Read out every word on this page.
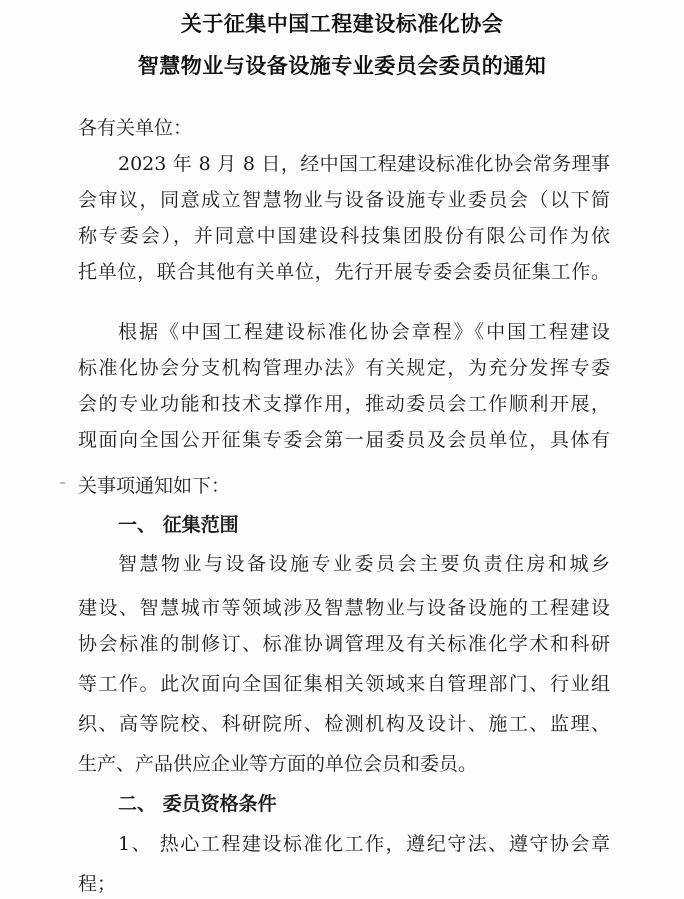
关于征集中国工程建设标准化协会
智慧物业与设备设施专业委员会委员的通知
各有关单位：
2023 年 8 月 8 日，经中国工程建设标准化协会常务理事
会审议，同意成立智慧物业与设备设施专业委员会（以下简
称专委会），并同意中国建设科技集团股份有限公司作为依
托单位，联合其他有关单位，先行开展专委会委员征集工作。
根据《中国工程建设标准化协会章程》《中国工程建设
标准化协会分支机构管理办法》有关规定，为充分发挥专委
会的专业功能和技术支撑作用，推动委员会工作顺利开展，
现面向全国公开征集专委会第一届委员及会员单位，具体有
关事项通知如下：
一、 征集范围
智慧物业与设备设施专业委员会主要负责住房和城乡
建设、智慧城市等领域涉及智慧物业与设备设施的工程建设
协会标准的制修订、标准协调管理及有关标准化学术和科研
等工作。此次面向全国征集相关领域来自管理部门、行业组
织、高等院校、科研院所、检测机构及设计、施工、监理、
生产、产品供应企业等方面的单位会员和委员。
二、 委员资格条件
1、 热心工程建设标准化工作，遵纪守法、遵守协会章
程；
